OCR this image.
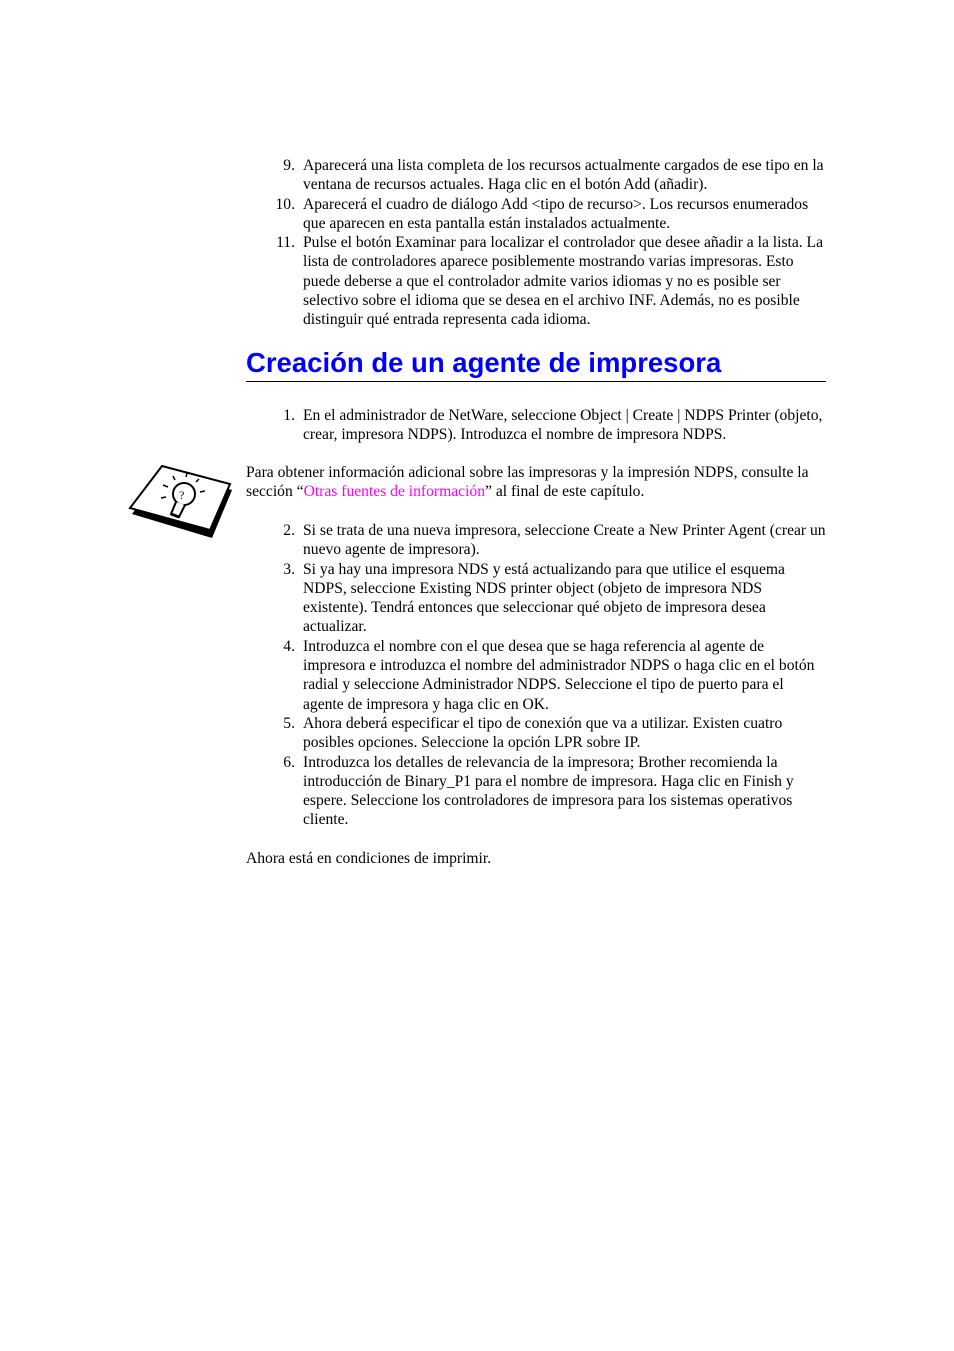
9. Aparecerá una lista completa de los recursos actualmente cargados de ese tipo en la ventana de recursos actuales. Haga clic en el botón Add (añadir).
10. Aparecerá el cuadro de diálogo Add <tipo de recurso>. Los recursos enumerados que aparecen en esta pantalla están instalados actualmente.
11. Pulse el botón Examinar para localizar el controlador que desee añadir a la lista. La lista de controladores aparece posiblemente mostrando varias impresoras. Esto puede deberse a que el controlador admite varios idiomas y no es posible ser selectivo sobre el idioma que se desea en el archivo INF. Además, no es posible distinguir qué entrada representa cada idioma.
Creación de un agente de impresora
1. En el administrador de NetWare, seleccione Object | Create | NDPS Printer (objeto, crear, impresora NDPS). Introduzca el nombre de impresora NDPS.
?

Para obtener información adicional sobre las impresoras y la impresión NDPS, consulte la sección “Otras fuentes de información” al final de este capítulo.

2. Si se trata de una nueva impresora, seleccione Create a New Printer Agent (crear un nuevo agente de impresora).
3. Si ya hay una impresora NDS y está actualizando para que utilice el esquema NDPS, seleccione Existing NDS printer object (objeto de impresora NDS existente). Tendrá entonces que seleccionar qué objeto de impresora desea actualizar.
4. Introduzca el nombre con el que desea que se haga referencia al agente de impresora e introduzca el nombre del administrador NDPS o haga clic en el botón radial y seleccione Administrador NDPS. Seleccione el tipo de puerto para el agente de impresora y haga clic en OK.
5. Ahora deberá especificar el tipo de conexión que va a utilizar. Existen cuatro posibles opciones. Seleccione la opción LPR sobre IP.
6. Introduzca los detalles de relevancia de la impresora; Brother recomienda la introducción de Binary_P1 para el nombre de impresora. Haga clic en Finish y espere. Seleccione los controladores de impresora para los sistemas operativos cliente.

Ahora está en condiciones de imprimir.
